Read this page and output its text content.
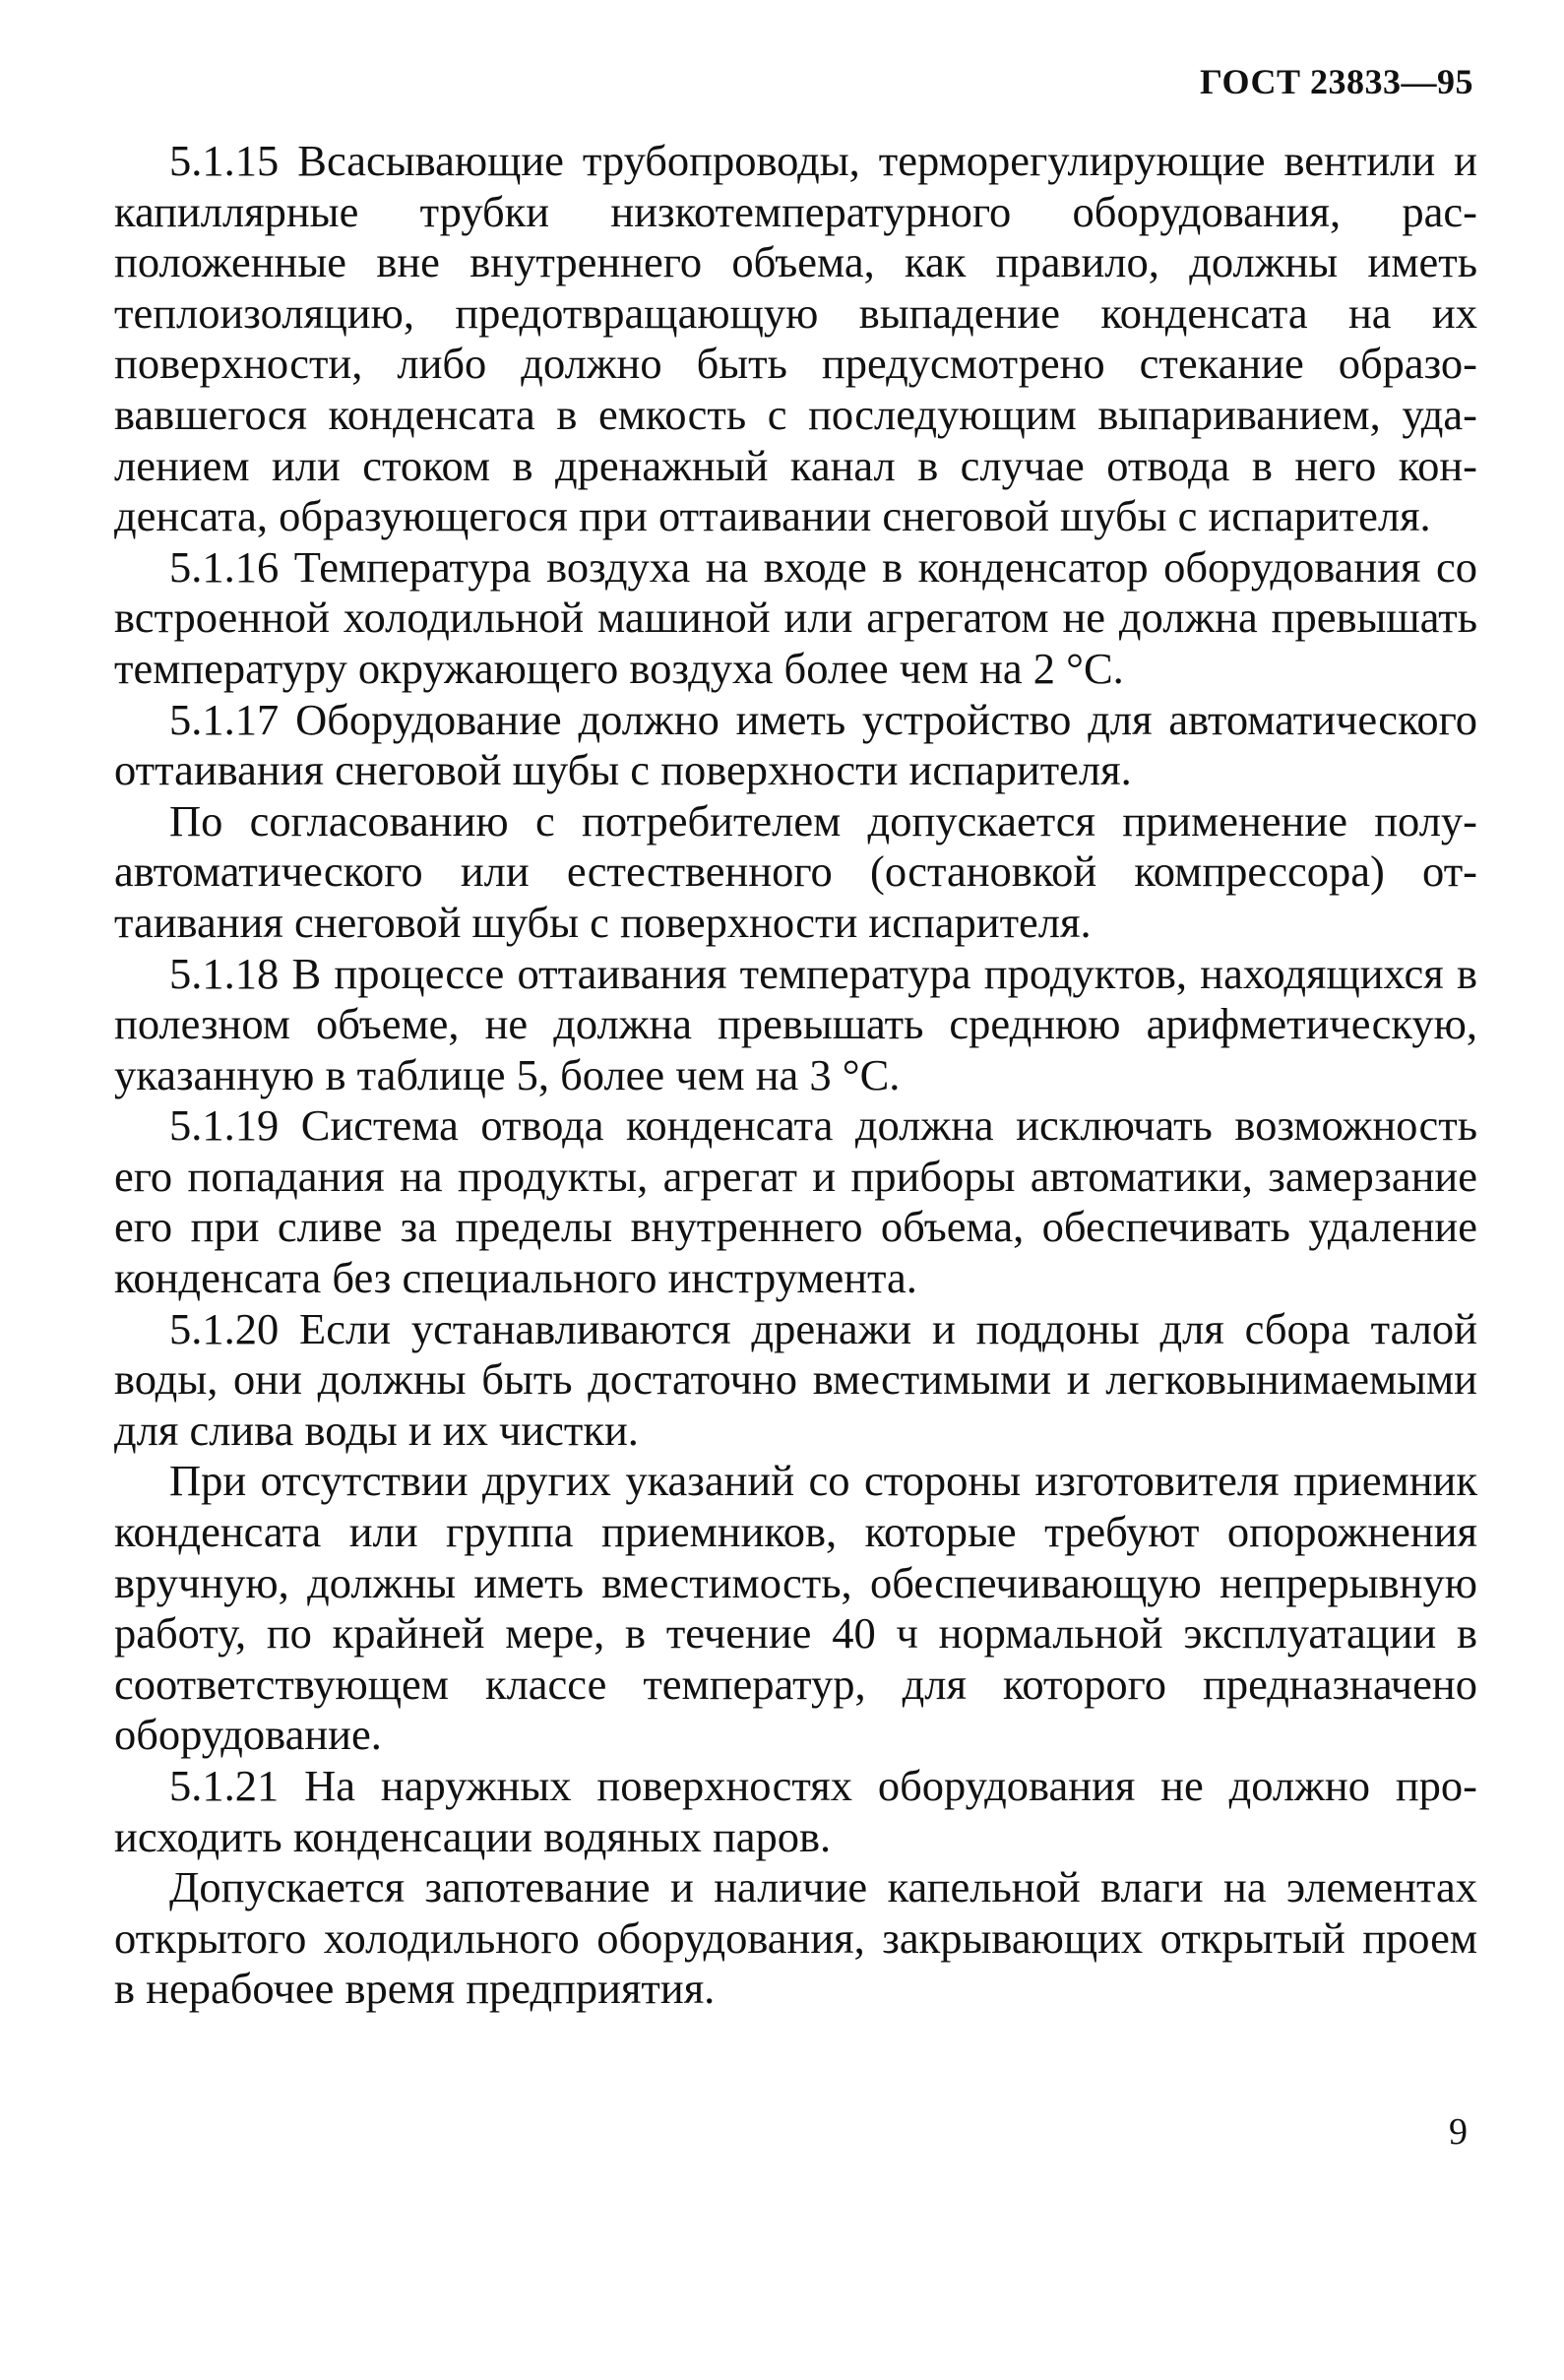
ГОСТ 23833—95

5.1.15 Всасывающие трубопроводы, терморегулирующие вентили и капиллярные трубки низкотемпературного оборудования, расположенные вне внутреннего объема, как правило, должны иметь теплоизоляцию, предотвращающую выпадение конденсата на их поверхности, либо должно быть предусмотрено стекание образовавшегося конденсата в емкость с последующим выпариванием, удалением или стоком в дренажный канал в случае отвода в него конденсата, образующегося при оттаивании снеговой шубы с испарителя.

5.1.16 Температура воздуха на входе в конденсатор оборудования со встроенной холодильной машиной или агрегатом не должна превышать температуру окружающего воздуха более чем на 2 °С.

5.1.17 Оборудование должно иметь устройство для автоматического оттаивания снеговой шубы с поверхности испарителя.

По согласованию с потребителем допускается применение полуавтоматического или естественного (остановкой компрессора) оттаивания снеговой шубы с поверхности испарителя.

5.1.18 В процессе оттаивания температура продуктов, находящихся в полезном объеме, не должна превышать среднюю арифметическую, указанную в таблице 5, более чем на 3 °С.

5.1.19 Система отвода конденсата должна исключать возможность его попадания на продукты, агрегат и приборы автоматики, замерзание его при сливе за пределы внутреннего объема, обеспечивать удаление конденсата без специального инструмента.

5.1.20 Если устанавливаются дренажи и поддоны для сбора талой воды, они должны быть достаточно вместимыми и легковынимаемыми для слива воды и их чистки.

При отсутствии других указаний со стороны изготовителя приемник конденсата или группа приемников, которые требуют опорожнения вручную, должны иметь вместимость, обеспечивающую непрерывную работу, по крайней мере, в течение 40 ч нормальной эксплуатации в соответствующем классе температур, для которого предназначено оборудование.

5.1.21 На наружных поверхностях оборудования не должно происходить конденсации водяных паров.

Допускается запотевание и наличие капельной влаги на элементах открытого холодильного оборудования, закрывающих открытый проем в нерабочее время предприятия.

9
